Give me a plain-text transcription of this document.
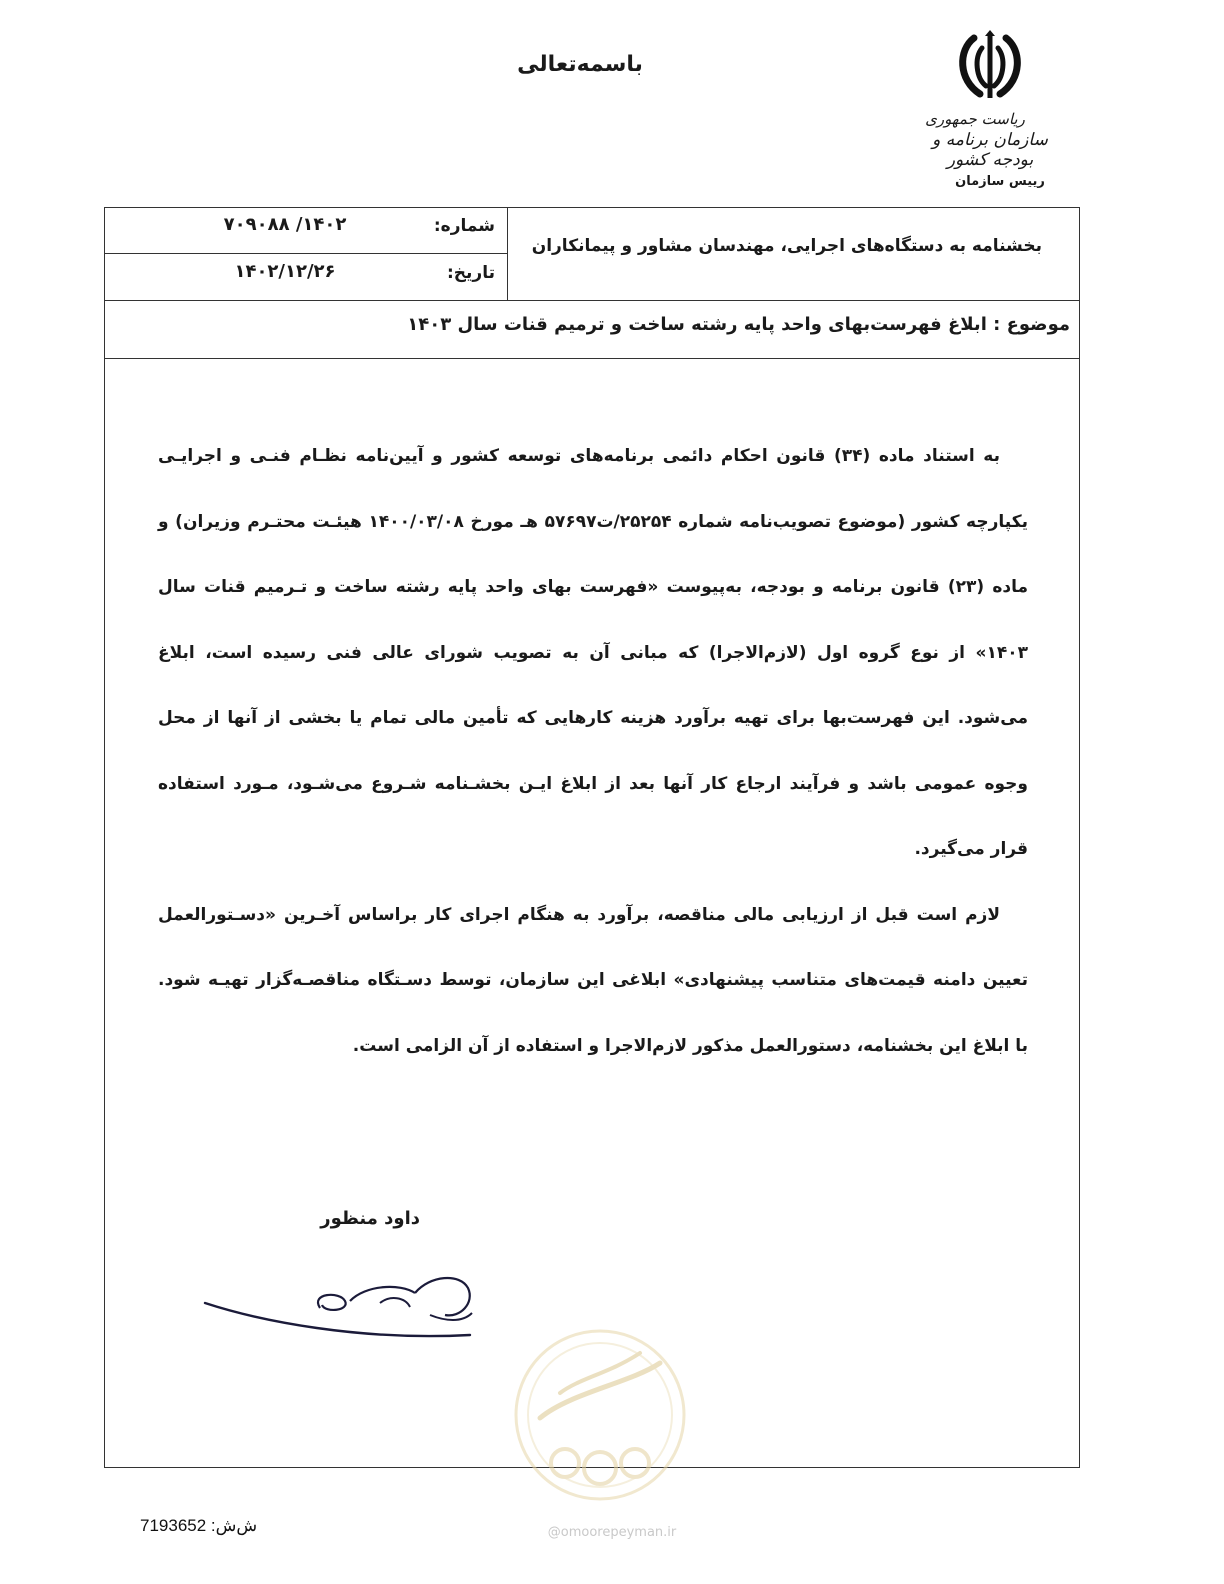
باسمه‌تعالی
ریاست جمهوری
سازمان برنامه و بودجه کشور
رییس سازمان
بخشنامه به دستگاه‌های اجرایی، مهندسان مشاور و پیمانکاران
شماره:
۱۴۰۲/ ۷۰۹۰۸۸
تاریخ:
۱۴۰۲/۱۲/۲۶
موضوع : ابلاغ فهرست‌بهای واحد پایه رشته ساخت و ترمیم قنات سال ۱۴۰۳

به استناد ماده (۳۴) قانون احکام دائمی برنامه‌های توسعه کشور و آیین‌نامه نظـام فنـی و اجرایـی یکپارچه کشور (موضوع تصویب‌نامه شماره ۲۵۲۵۴/ت۵۷۶۹۷ هـ مورخ ۱۴۰۰/۰۳/۰۸ هیئـت محتـرم وزیران) و ماده (۲۳) قانون برنامه و بودجه، به‌پیوست «فهرست بهای واحد پایه رشته ساخت و تـرمیم قنات سال ۱۴۰۳» از نوع گروه اول (لازم‌الاجرا) که مبانی آن به تصویب شورای عالی فنی رسیده است، ابلاغ می‌شود. این فهرست‌بها برای تهیه برآورد هزینه کارهایی که تأمین مالی تمام یا بخشی از آنها از محل وجوه عمومی باشد و فرآیند ارجاع کار آنها بعد از ابلاغ ایـن بخشـنامه شـروع می‌شـود، مـورد استفاده قرار می‌گیرد.

لازم است قبل از ارزیابی مالی مناقصه، برآورد به هنگام اجرای کار براساس آخـرین «دسـتورالعمل تعیین دامنه قیمت‌های متناسب پیشنهادی» ابلاغی این سازمان، توسط دسـتگاه مناقصـه‌گزار تهیـه شود. با ابلاغ این بخشنامه، دستورالعمل مذکور لازم‌الاجرا و استفاده از آن الزامی است.

داود منظور
@omoorepeyman.ir
ش‌ش: 7193652
